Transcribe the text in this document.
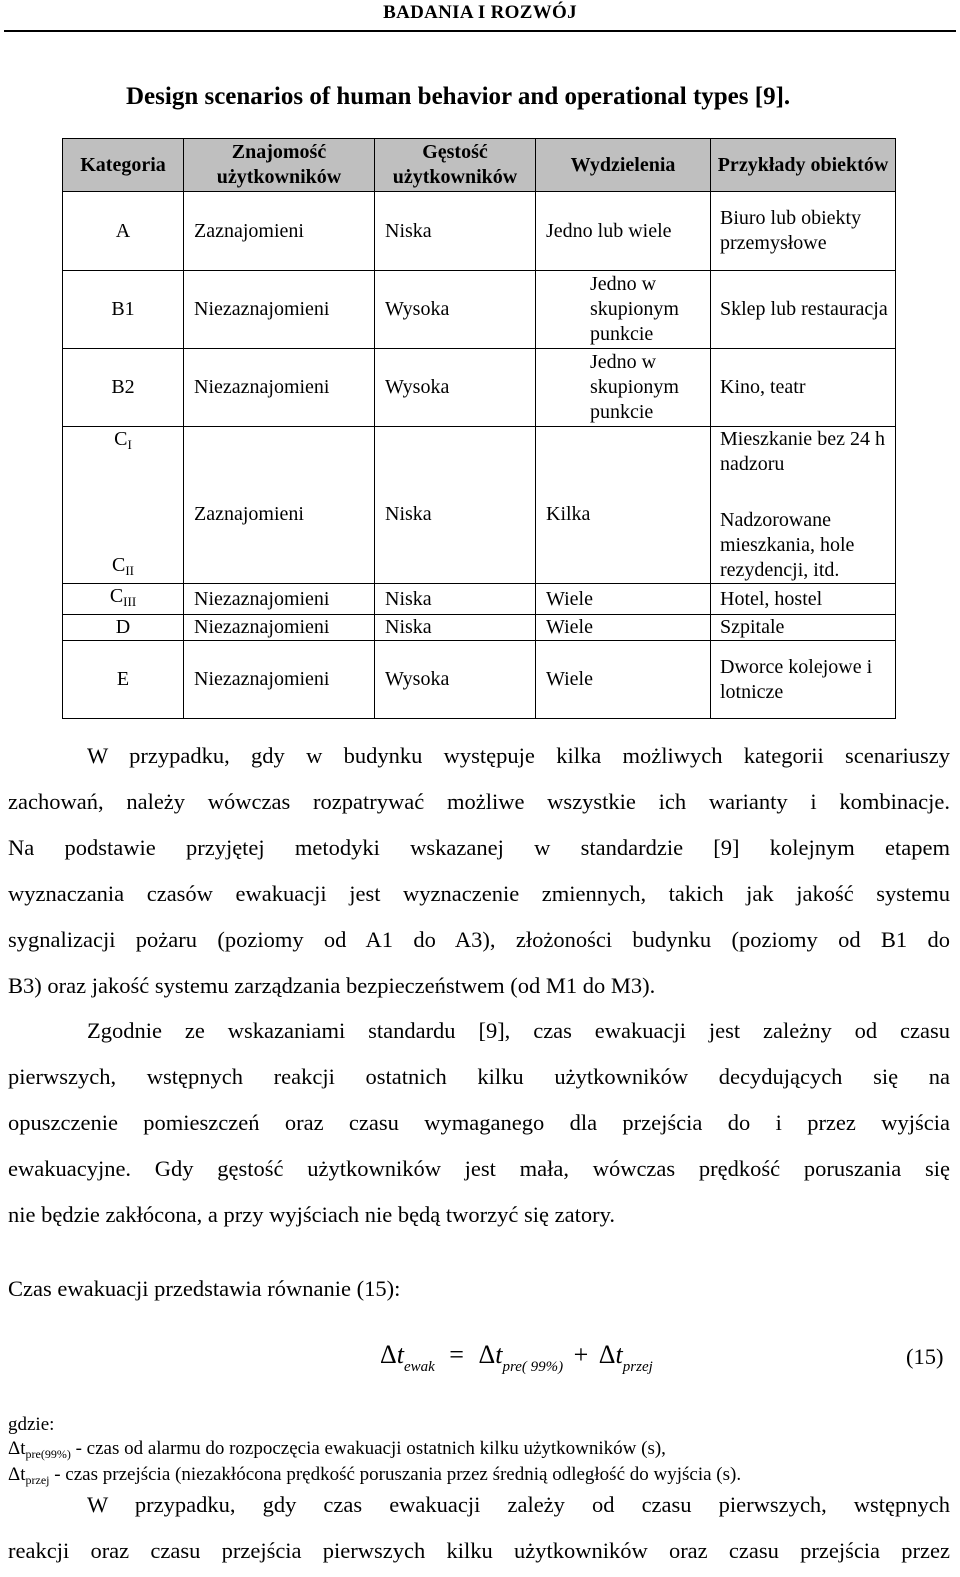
BADANIA I ROZWÓJ
Design scenarios of human behavior and operational types [9].
Kategoria	Znajomość użytkowników	Gęstość użytkowników	Wydzielenia	Przykłady obiektów
A	Zaznajomieni	Niska	Jedno lub wiele	Biuro lub obiekty przemysłowe
B1	Niezaznajomieni	Wysoka	Jedno w skupionym punkcie	Sklep lub restauracja
B2	Niezaznajomieni	Wysoka	Jedno w skupionym punkcie	Kino, teatr
$C_I$	Zaznajomieni	Niska	Kilka	Mieszkanie bez 24 h nadzoru
$C_{II}$				Nadzorowane mieszkania, hole rezydencji, itd.
$C_{III}$	Niezaznajomieni	Niska	Wiele	Hotel, hostel
D	Niezaznajomieni	Niska	Wiele	Szpitale
E	Niezaznajomieni	Wysoka	Wiele	Dworce kolejowe i lotnicze
W przypadku, gdy w budynku występuje kilka możliwych kategorii scenariuszy
zachowań, należy wówczas rozpatrywać możliwe wszystkie ich warianty i kombinacje.
Na podstawie przyjętej metodyki wskazanej w standardzie [9] kolejnym etapem
wyznaczania czasów ewakuacji jest wyznaczenie zmiennych, takich jak jakość systemu
sygnalizacji pożaru (poziomy od A1 do A3), złożoności budynku (poziomy od B1 do
B3) oraz jakość systemu zarządzania bezpieczeństwem (od M1 do M3).
Zgodnie ze wskazaniami standardu [9], czas ewakuacji jest zależny od czasu
pierwszych, wstępnych reakcji ostatnich kilku użytkowników decydujących się na
opuszczenie pomieszczeń oraz czasu wymaganego dla przejścia do i przez wyjścia
ewakuacyjne. Gdy gęstość użytkowników jest mała, wówczas prędkość poruszania się
nie będzie zakłócona, a przy wyjściach nie będą tworzyć się zatory.
Czas ewakuacji przedstawia równanie (15):
$\Delta t_{ewak} = \Delta t_{pre( 99\%)} + \Delta t_{przej}$	(15)
gdzie:
$\Delta t_{pre(99\%)}$ - czas od alarmu do rozpoczęcia ewakuacji ostatnich kilku użytkowników (s),
$\Delta t_{przej}$ - czas przejścia (niezakłócona prędkość poruszania przez średnią odległość do wyjścia (s).
W przypadku, gdy czas ewakuacji zależy od czasu pierwszych, wstępnych
reakcji oraz czasu przejścia pierwszych kilku użytkowników oraz czasu przejścia przez
